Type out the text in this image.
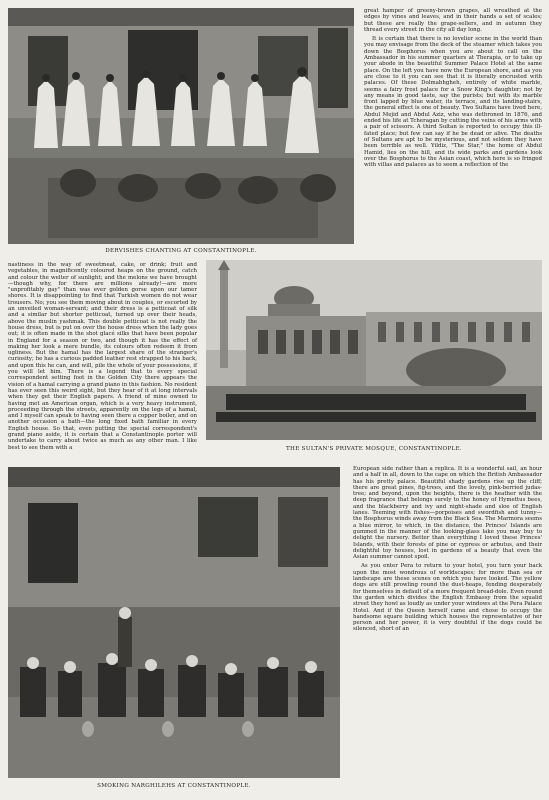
DERVISHES CHANTING AT CONSTANTINOPLE.

great hamper of greeny-brown grapes, all wreathed at the edges by vines and leaves, and in their hands a set of scales; but these are really the grape-sellers, and in autumn they thread every street in the city all day long.

It is certain that there is no lovelier scene in the world than you may envisage from the deck of the steamer which takes you down the Bosphorus when you are about to call on the Ambassador in his summer quarters at Therapia, or to take up your abode in the beautiful Summer Palace Hotel at the same place. On the left you have now the European shore, and as you are close to it you can see that it is literally encrusted with palaces. Of these Dolmabhgheh, entirely of white marble, seems a fairy frost palace for a Snow King's daughter; not by any means in good taste, say the purists; but with its marble front lapped by blue water, its terrace, and its landing-stairs, the general effect is one of beauty. Two Sultans have lived here, Abdul Mejid and Abdul Aziz, who was dethroned in 1876, and ended his life at Tcheragan by cutting the veins of his arms with a pair of scissors. A third Sultan is reported to occupy this ill-fated place; but few can say if he be dead or alive. The deaths of Sultans are apt to be mysterious, and not seldom they have been terrible as well. Yildiz, "The Star," the home of Abdul Hamid, lies on the hill, and its wide parks and gardens look over the Bosphorus to the Asian coast, which here is so fringed with villas and palaces as to seem a reflection of the

nastiness in the way of sweetmeat, cake, or drink; fruit and vegetables, in magnificently coloured heaps on the ground, catch and colour the welter of sunlight; and the melons we have brought—though why, for there are millions already!—are more "unprofitably gay" than was ever golden gorse upon our tamer shores. It is disappointing to find that Turkish women do not wear trousers. No; you see them moving about in couples, or escorted by an unveiled woman-servant; and their dress is a petticoat of silk and a similar but shorter petticoat, turned up over their heads, above the muslin yashmak. This double petticoat is not really the house dress, but is put on over the house dress when the lady goes out; it is often made in the shot glacé silks that have been popular in England for a season or two, and though it has the effect of making her look a mere bundle, its colours often redeem it from ugliness. But the hamal has the largest share of the stranger's curiosity; he has a curious padded leather rest strapped to his back, and upon this he can, and will, pile the whole of your possessions, if you will let him. There is a legend that to every special correspondent setting foot in the Golden City there appears the vision of a hamal carrying a grand piano in this fashion. No resident has ever seen this weird sight, but they hear of it at long intervals when they get their English papers. A friend of mine owned to having met an American organ, which is a very heavy instrument, proceeding through the streets, apparently on the legs of a hamal, and I myself can speak to having seen there a copper boiler, and on another occasion a bath—the long fixed bath familiar in every English house. So that, even putting the special correspondent's grand piano aside, it is certain that a Constantinople porter will undertake to carry about twice as much as any other man. I like best to see them with a	THE SULTAN'S PRIVATE MOSQUE, CONSTANTINOPLE.
SMOKING NARGHILEHS AT CONSTANTINOPLE.

European side rather than a replica. It is a wonderful sail, an hour and a half in all, down to the cape on which the British Ambassador has his pretty palace. Beautiful shady gardens rise up the cliff; there are great pines, fig-trees, and the lovely, pink-berried judas-tree; and beyond, upon the heights, there is the heather with the deep fragrance that belongs surely to the honey of Hymettus bees, and the blackberry and ivy and night-shade and sloe of English lanes. Teeming with fishes—porpoises and swordfish and tunny—the Bosphorus winds away from the Black Sea. The Marmora seems a blue mirror, to which, in the distance, the Princes' Islands are gummed in the manner of the looking-glass lake you may buy to delight the nursery. Better than everything I loved these Princes' Islands, with their forests of pine or cypress or arbutus, and their delightful toy houses, lost in gardens of a beauty that even the Asian summer cannot spoil.

As you enter Pera to return to your hotel, you turn your back upon the most wondrous of worldscapes; for more than sea or landscape are these scenes on which you have looked. The yellow dogs are still prowling round the dust-heaps, fending desperately for themselves in default of a more frequent bread-dole. Even round the garden which divides the English Embassy from the squalid street they howl as loudly as under your windows at the Pera Palace Hotel. And if the Queen herself came and chose to occupy the handsome square building which houses the representative of her person and her power, it is very doubtful if the dogs could be silenced, short of an
